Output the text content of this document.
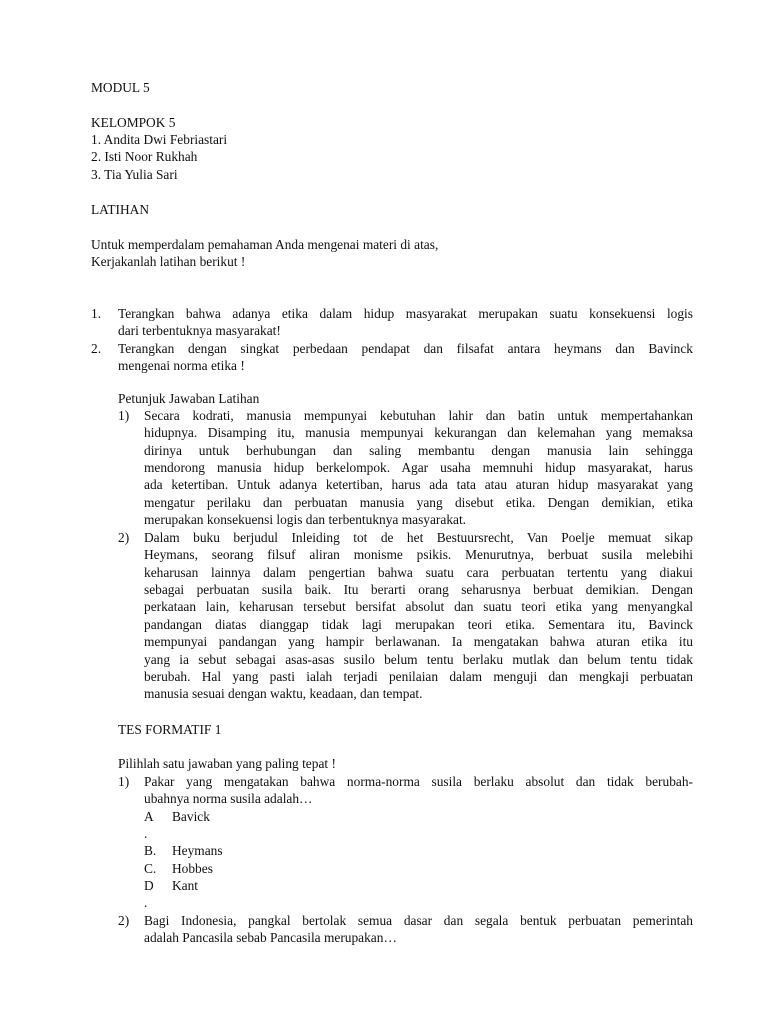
MODUL 5
KELOMPOK 5
1. Andita Dwi Febriastari
2. Isti Noor Rukhah
3. Tia Yulia Sari
LATIHAN
Untuk memperdalam pemahaman Anda mengenai materi di atas,
Kerjakanlah latihan berikut !
1. Terangkan bahwa adanya etika dalam hidup masyarakat merupakan suatu konsekuensi logis
dari terbentuknya masyarakat!
2. Terangkan dengan singkat perbedaan pendapat dan filsafat antara heymans dan Bavinck
mengenai norma etika !
Petunjuk Jawaban Latihan
1) Secara kodrati, manusia mempunyai kebutuhan lahir dan batin untuk mempertahankan
hidupnya. Disamping itu, manusia mempunyai kekurangan dan kelemahan yang memaksa
dirinya untuk berhubungan dan saling membantu dengan manusia lain sehingga
mendorong manusia hidup berkelompok. Agar usaha memnuhi hidup masyarakat, harus
ada ketertiban. Untuk adanya ketertiban, harus ada tata atau aturan hidup masyarakat yang
mengatur perilaku dan perbuatan manusia yang disebut etika. Dengan demikian, etika
merupakan konsekuensi logis dan terbentuknya masyarakat.
2) Dalam buku berjudul Inleiding tot de het Bestuursrecht, Van Poelje memuat sikap
Heymans, seorang filsuf aliran monisme psikis. Menurutnya, berbuat susila melebihi
keharusan lainnya dalam pengertian bahwa suatu cara perbuatan tertentu yang diakui
sebagai perbuatan susila baik. Itu berarti orang seharusnya berbuat demikian. Dengan
perkataan lain, keharusan tersebut bersifat absolut dan suatu teori etika yang menyangkal
pandangan diatas dianggap tidak lagi merupakan teori etika. Sementara itu, Bavinck
mempunyai pandangan yang hampir berlawanan. Ia mengatakan bahwa aturan etika itu
yang ia sebut sebagai asas-asas susilo belum tentu berlaku mutlak dan belum tentu tidak
berubah. Hal yang pasti ialah terjadi penilaian dalam menguji dan mengkaji perbuatan
manusia sesuai dengan waktu, keadaan, dan tempat.
TES FORMATIF 1
Pilihlah satu jawaban yang paling tepat !
1) Pakar yang mengatakan bahwa norma-norma susila berlaku absolut dan tidak berubah-
ubahnya norma susila adalah…
A Bavick
.
B. Heymans
C. Hobbes
D Kant
.
2) Bagi Indonesia, pangkal bertolak semua dasar dan segala bentuk perbuatan pemerintah
adalah Pancasila sebab Pancasila merupakan…
